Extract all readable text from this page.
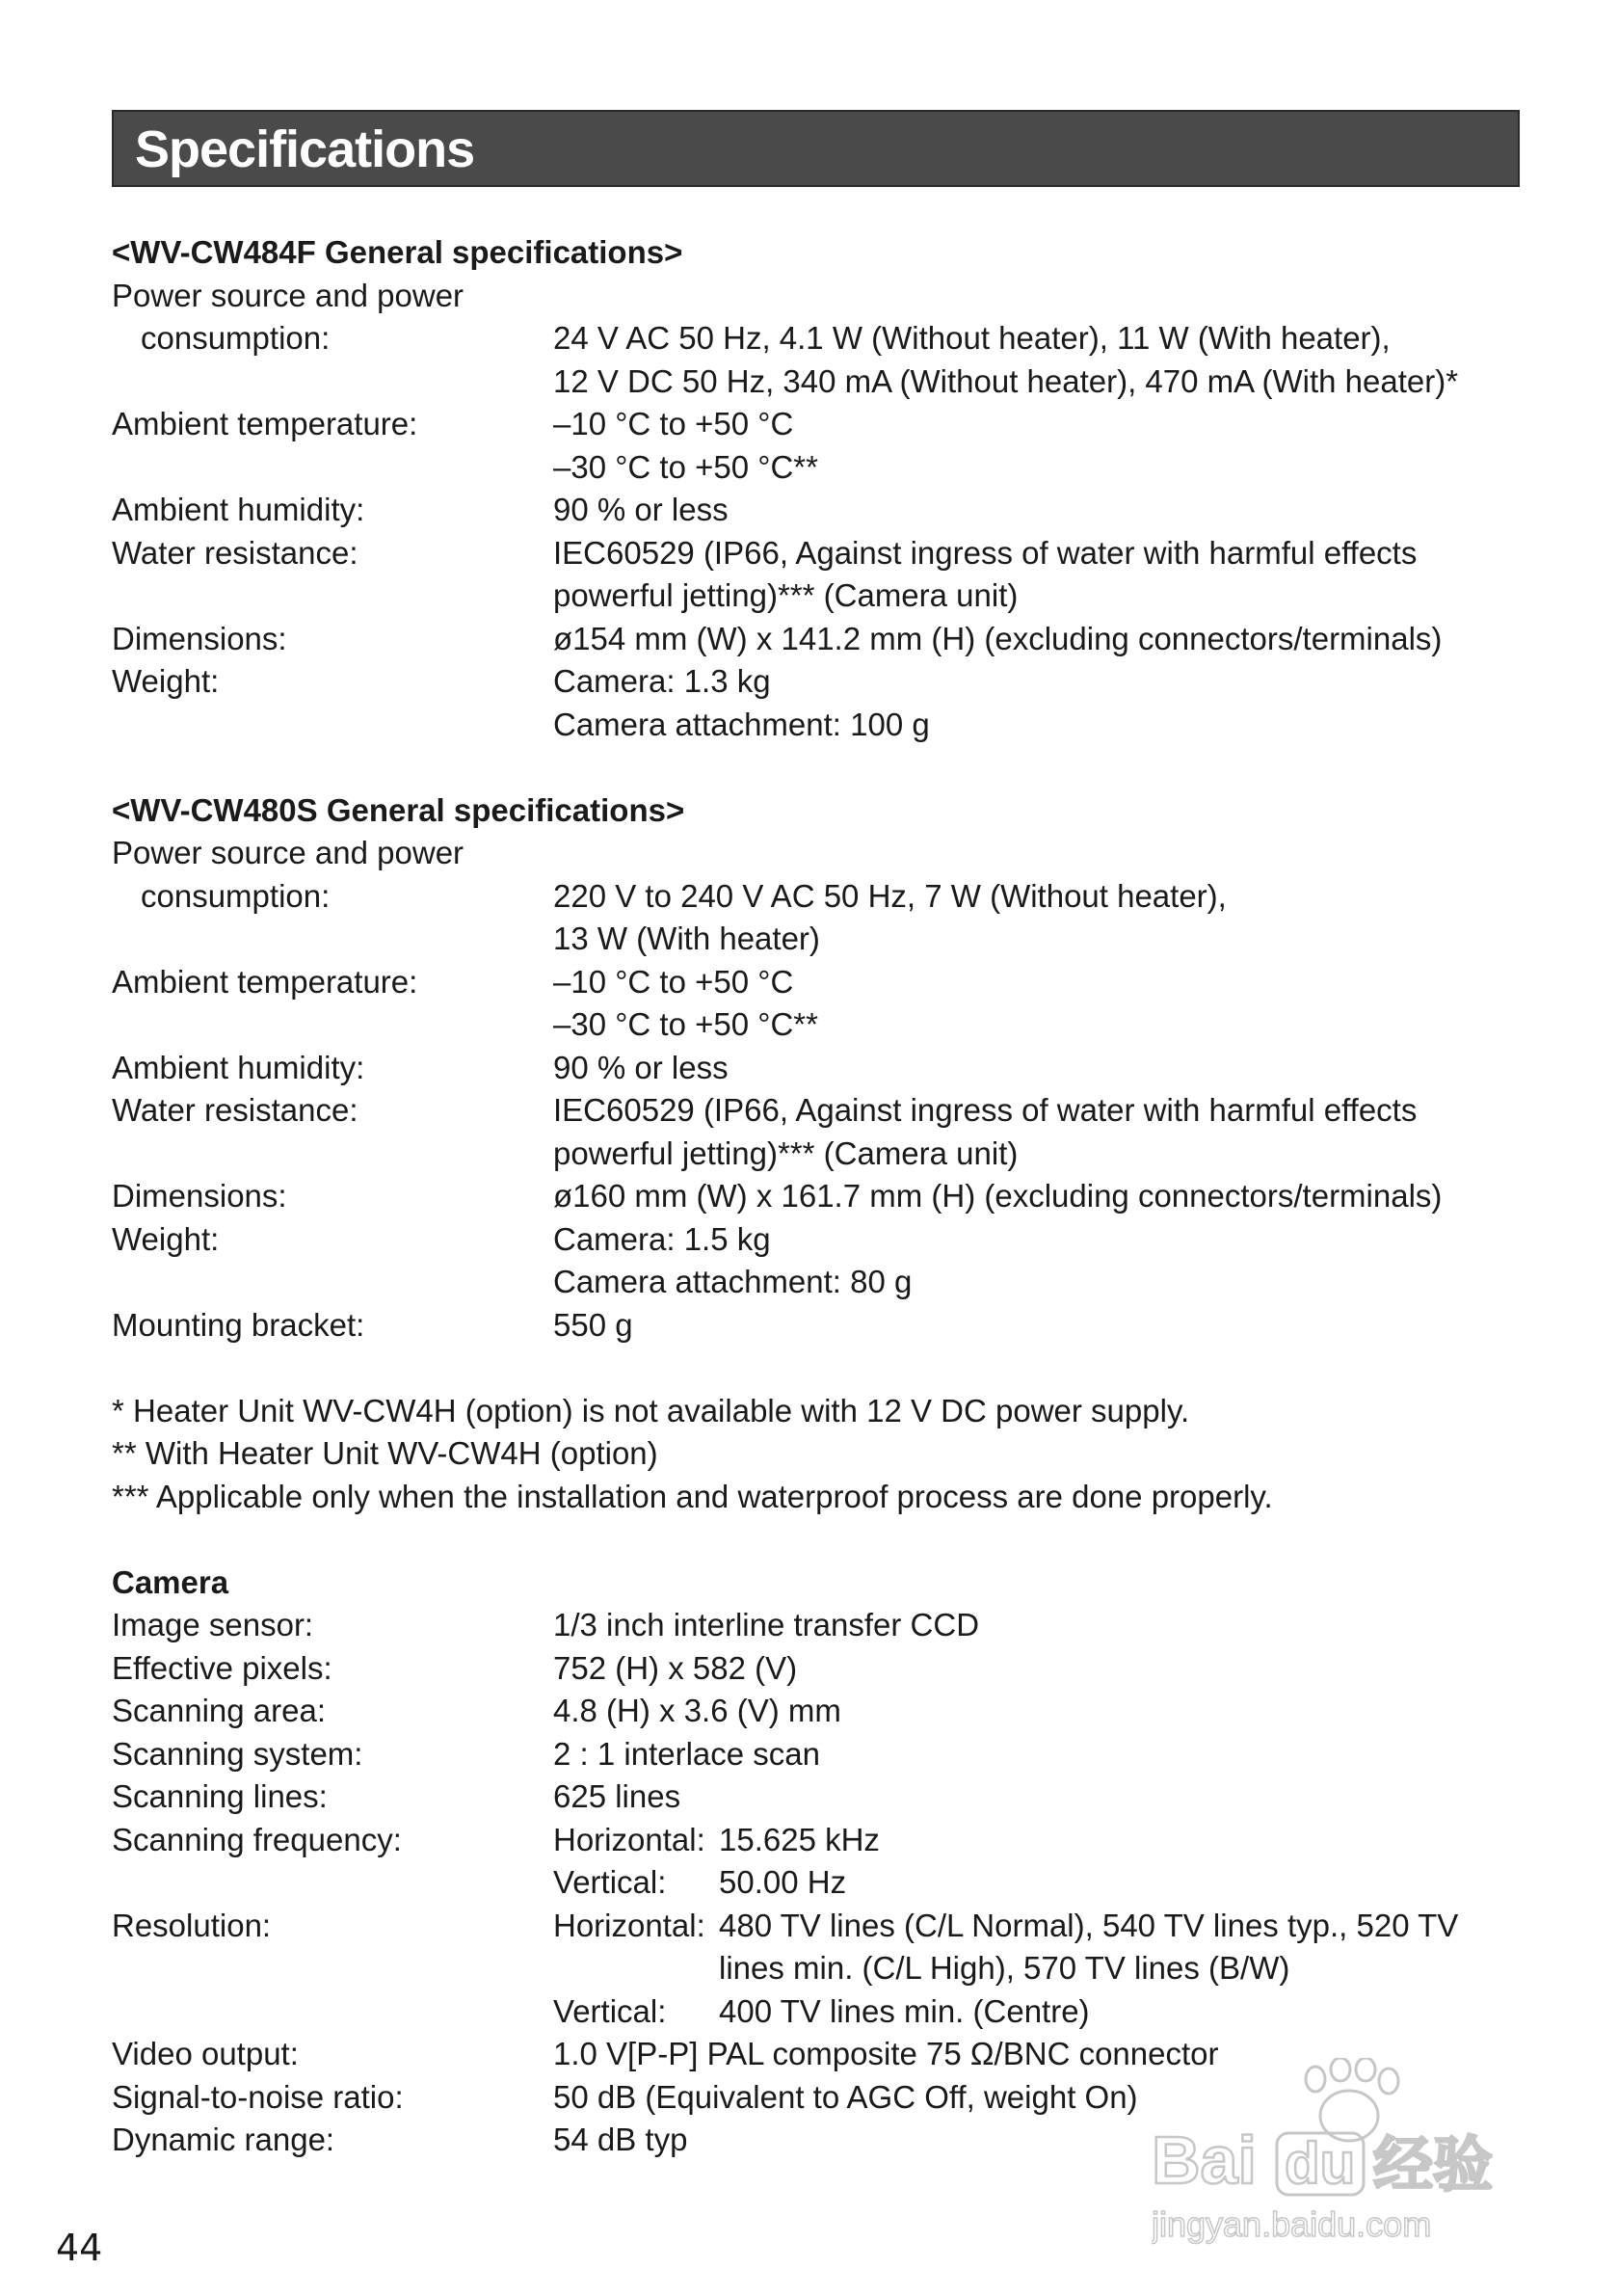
Specifications
<WV-CW484F General specifications>
Power source and power
consumption:	24 V AC 50 Hz, 4.1 W (Without heater), 11 W (With heater),
12 V DC 50 Hz, 340 mA (Without heater), 470 mA (With heater)*
Ambient temperature:	–10 °C to +50 °C
–30 °C to +50 °C**
Ambient humidity:	90 % or less
Water resistance:	IEC60529 (IP66, Against ingress of water with harmful effects
powerful jetting)*** (Camera unit)
Dimensions:	ø154 mm (W) x 141.2 mm (H) (excluding connectors/terminals)
Weight:	Camera: 1.3 kg
Camera attachment: 100 g
<WV-CW480S General specifications>
Power source and power
consumption:	220 V to 240 V AC 50 Hz, 7 W (Without heater),
13 W (With heater)
Ambient temperature:	–10 °C to +50 °C
–30 °C to +50 °C**
Ambient humidity:	90 % or less
Water resistance:	IEC60529 (IP66, Against ingress of water with harmful effects
powerful jetting)*** (Camera unit)
Dimensions:	ø160 mm (W) x 161.7 mm (H) (excluding connectors/terminals)
Weight:	Camera: 1.5 kg
Camera attachment: 80 g
Mounting bracket:	550 g
* Heater Unit WV-CW4H (option) is not available with 12 V DC power supply.
** With Heater Unit WV-CW4H (option)
*** Applicable only when the installation and waterproof process are done properly.
Camera
Image sensor:	1/3 inch interline transfer CCD
Effective pixels:	752 (H) x 582 (V)
Scanning area:	4.8 (H) x 3.6 (V) mm
Scanning system:	2 : 1 interlace scan
Scanning lines:	625 lines
Scanning frequency:	Horizontal: 15.625 kHz
Vertical:	50.00 Hz
Resolution:	Horizontal: 480 TV lines (C/L Normal), 540 TV lines typ., 520 TV
lines min. (C/L High), 570 TV lines (B/W)
Vertical:	400 TV lines min. (Centre)
Video output:	1.0 V[P-P] PAL composite 75 Ω/BNC connector
Signal-to-noise ratio:	50 dB (Equivalent to AGC Off, weight On)
Dynamic range:	54 dB typ
44
Bai du 经验
jingyan.baidu.com
